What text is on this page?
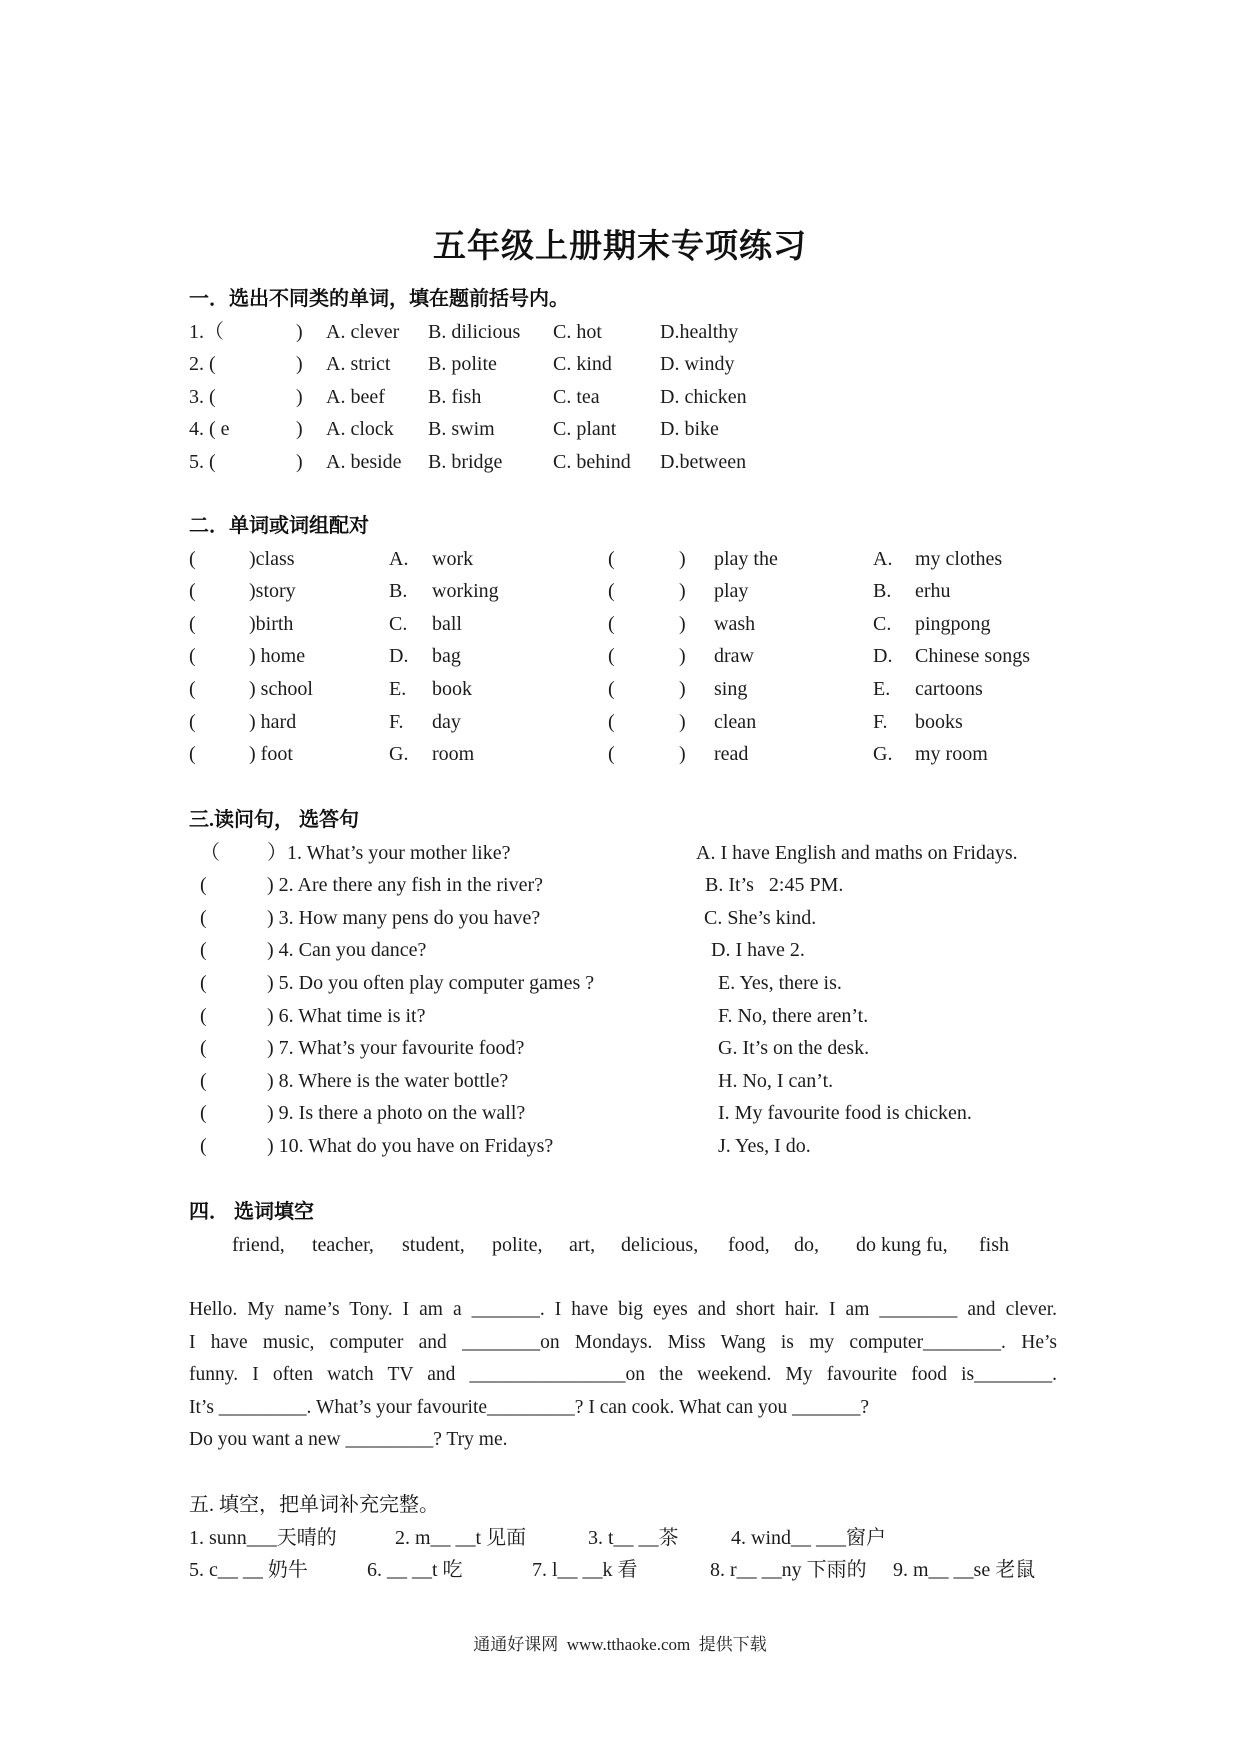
五年级上册期末专项练习
一．选出不同类的单词，填在题前括号内。
1.（	) A. clever B. dilicious C. hot	D.healthy
2. (	) A. strict B. polite	C. kind D. windy
3. (	) A. beef B. fish	C. tea	D. chicken
4. ( e	) A. clock B. swim	C. plant D. bike
5. (	) A. beside B. bridge	C. behind D.between
二．单词或词组配对
(	)class	A. work	(	) play the	A. my clothes
(	)story	B. working	(	) play	B. erhu
(	)birth	C. ball	(	) wash	C. pingpong
(	) home	D. bag	(	) draw	D. Chinese songs
(	) school	E. book	(	) sing	E. cartoons
(	) hard	F. day	(	) clean	F. books
(	) foot	G. room	(	) read	G. my room
三.读问句， 选答句
（ ）1. What’s your mother like?	A. I have English and maths on Fridays.
(	) 2. Are there any fish in the river?	B. It’s   2:45 PM.
(	) 3. How many pens do you have?	C. She’s kind.
(	) 4. Can you dance?	D. I have 2.
(	) 5. Do you often play computer games ?	E. Yes, there is.
(	) 6. What time is it?	F. No, there aren’t.
(	) 7. What’s your favourite food?	G. It’s on the desk.
(	) 8. Where is the water bottle?	H. No, I can’t.
(	) 9. Is there a photo on the wall?	I. My favourite food is chicken.
(	) 10. What do you have on Fridays?	J. Yes, I do.
四． 选词填空
friend, teacher, student, polite, art, delicious, food, do, do kung fu, fish
Hello. My name’s Tony. I am a _______. I have big eyes and short hair. I am ________ and clever.
I have music, computer and ________on Mondays. Miss Wang is my computer________. He’s
funny. I often watch TV and ________________on the weekend. My favourite food is________.
It’s _________. What’s your favourite_________? I can cook. What can you _______?
Do you want a new _________? Try me.
五. 填空，把单词补充完整。
1. sunn___天晴的	2. m__ __t 见面	3. t__ __茶	4. wind__ ___窗户
5. c__ __ 奶牛	6. __ __t 吃	7. l__ __k 看	8. r__ __ny 下雨的 9. m__ __se 老鼠
通通好课网  www.tthaoke.com  提供下载
